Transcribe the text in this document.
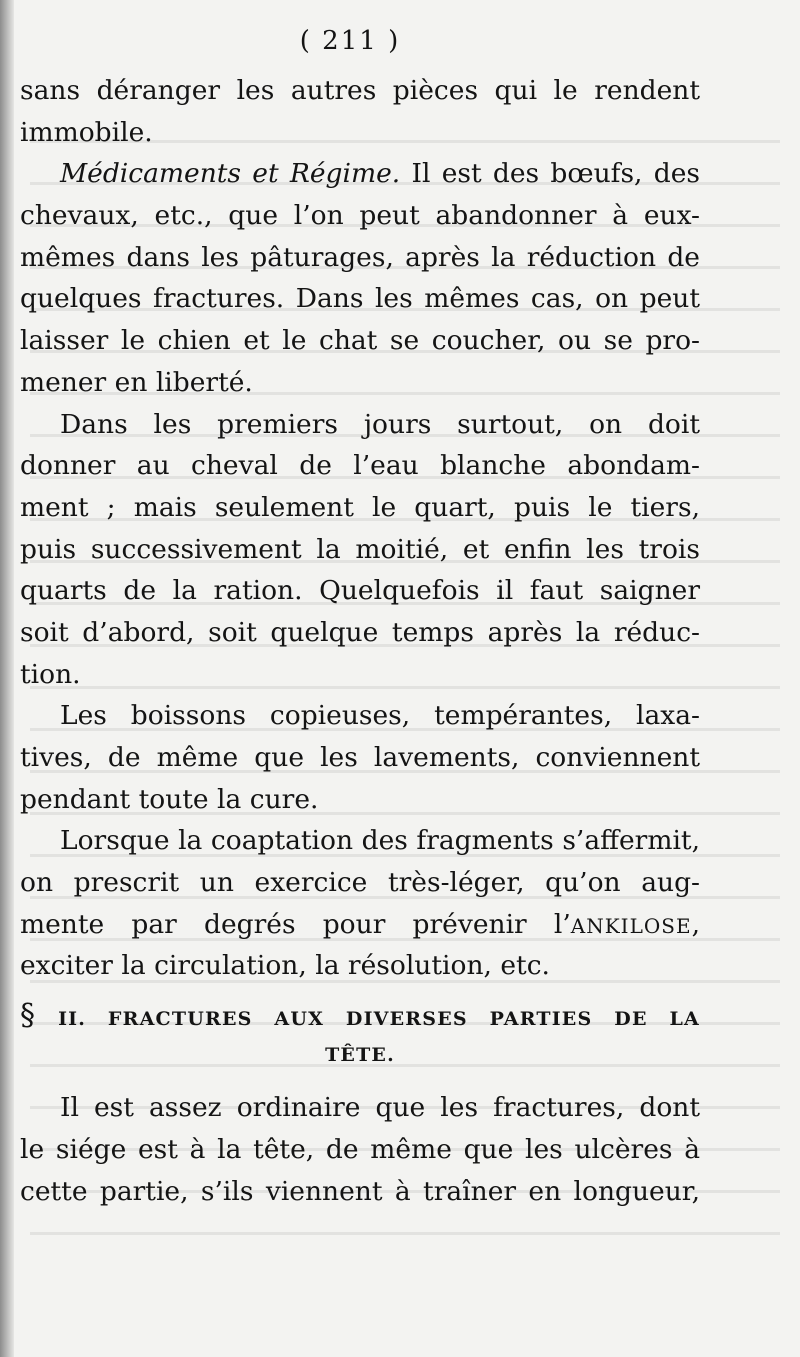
( 211 )
sans déranger les autres pièces qui le rendent
immobile.
Médicaments et Régime. Il est des bœufs, des
chevaux, etc., que l’on peut abandonner à eux-
mêmes dans les pâturages, après la réduction de
quelques fractures. Dans les mêmes cas, on peut
laisser le chien et le chat se coucher, ou se pro-
mener en liberté.
Dans les premiers jours surtout, on doit
donner au cheval de l’eau blanche abondam-
ment ; mais seulement le quart, puis le tiers,
puis successivement la moitié, et enfin les trois
quarts de la ration. Quelquefois il faut saigner
soit d’abord, soit quelque temps après la réduc-
tion.
Les boissons copieuses, tempérantes, laxa-
tives, de même que les lavements, conviennent
pendant toute la cure.
Lorsque la coaptation des fragments s’affermit,
on prescrit un exercice très-léger, qu’on aug-
mente par degrés pour prévenir l’ANKILOSE,
exciter la circulation, la résolution, etc.
§ II. FRACTURES AUX DIVERSES PARTIES DE LA
TÊTE.
Il est assez ordinaire que les fractures, dont
le siége est à la tête, de même que les ulcères à
cette partie, s’ils viennent à traîner en longueur,
